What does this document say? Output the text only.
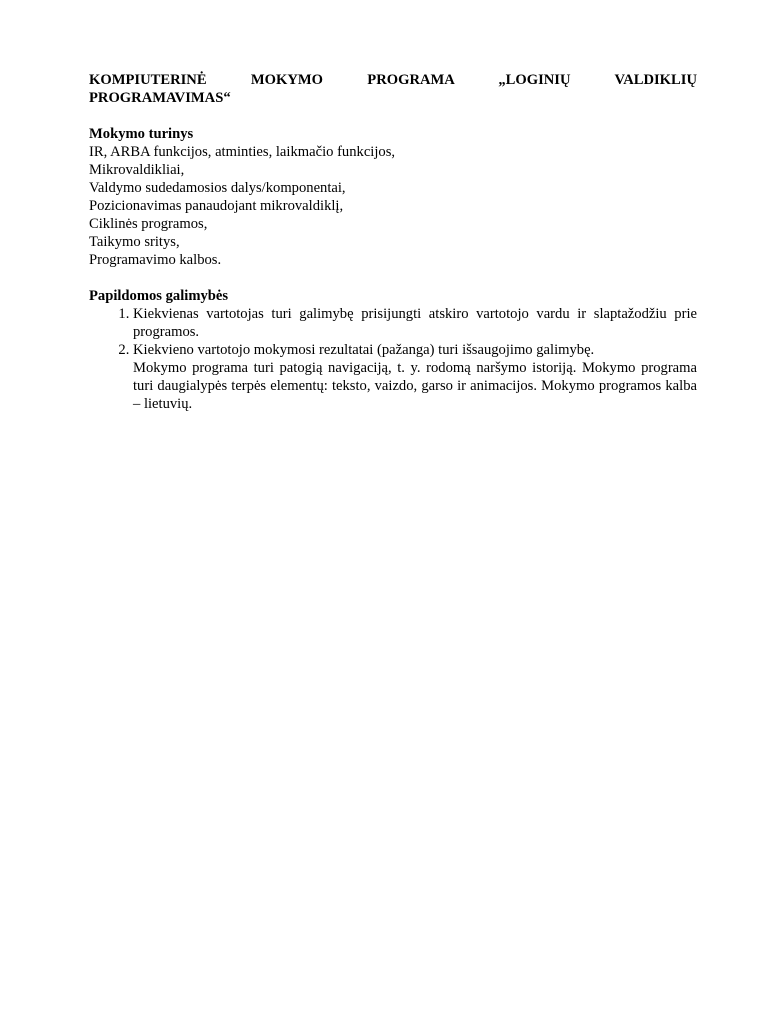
KOMPIUTERINĖ MOKYMO PROGRAMA „LOGINIŲ VALDIKLIŲ

PROGRAMAVIMAS“

Mokymo turinys

IR, ARBA funkcijos, atminties, laikmačio funkcijos,
Mikrovaldikliai,
Valdymo sudedamosios dalys/komponentai,
Pozicionavimas panaudojant mikrovaldiklį,
Ciklinės programos,
Taikymo sritys,
Programavimo kalbos.

Papildomos galimybės

1. Kiekvienas vartotojas turi galimybę prisijungti atskiro vartotojo vardu ir slaptažodžiu prie programos.
2. Kiekvieno vartotojo mokymosi rezultatai (pažanga) turi išsaugojimo galimybę.

Mokymo programa turi patogią navigaciją, t. y. rodomą naršymo istoriją. Mokymo programa turi daugialypės terpės elementų: teksto, vaizdo, garso ir animacijos. Mokymo programos kalba – lietuvių.
